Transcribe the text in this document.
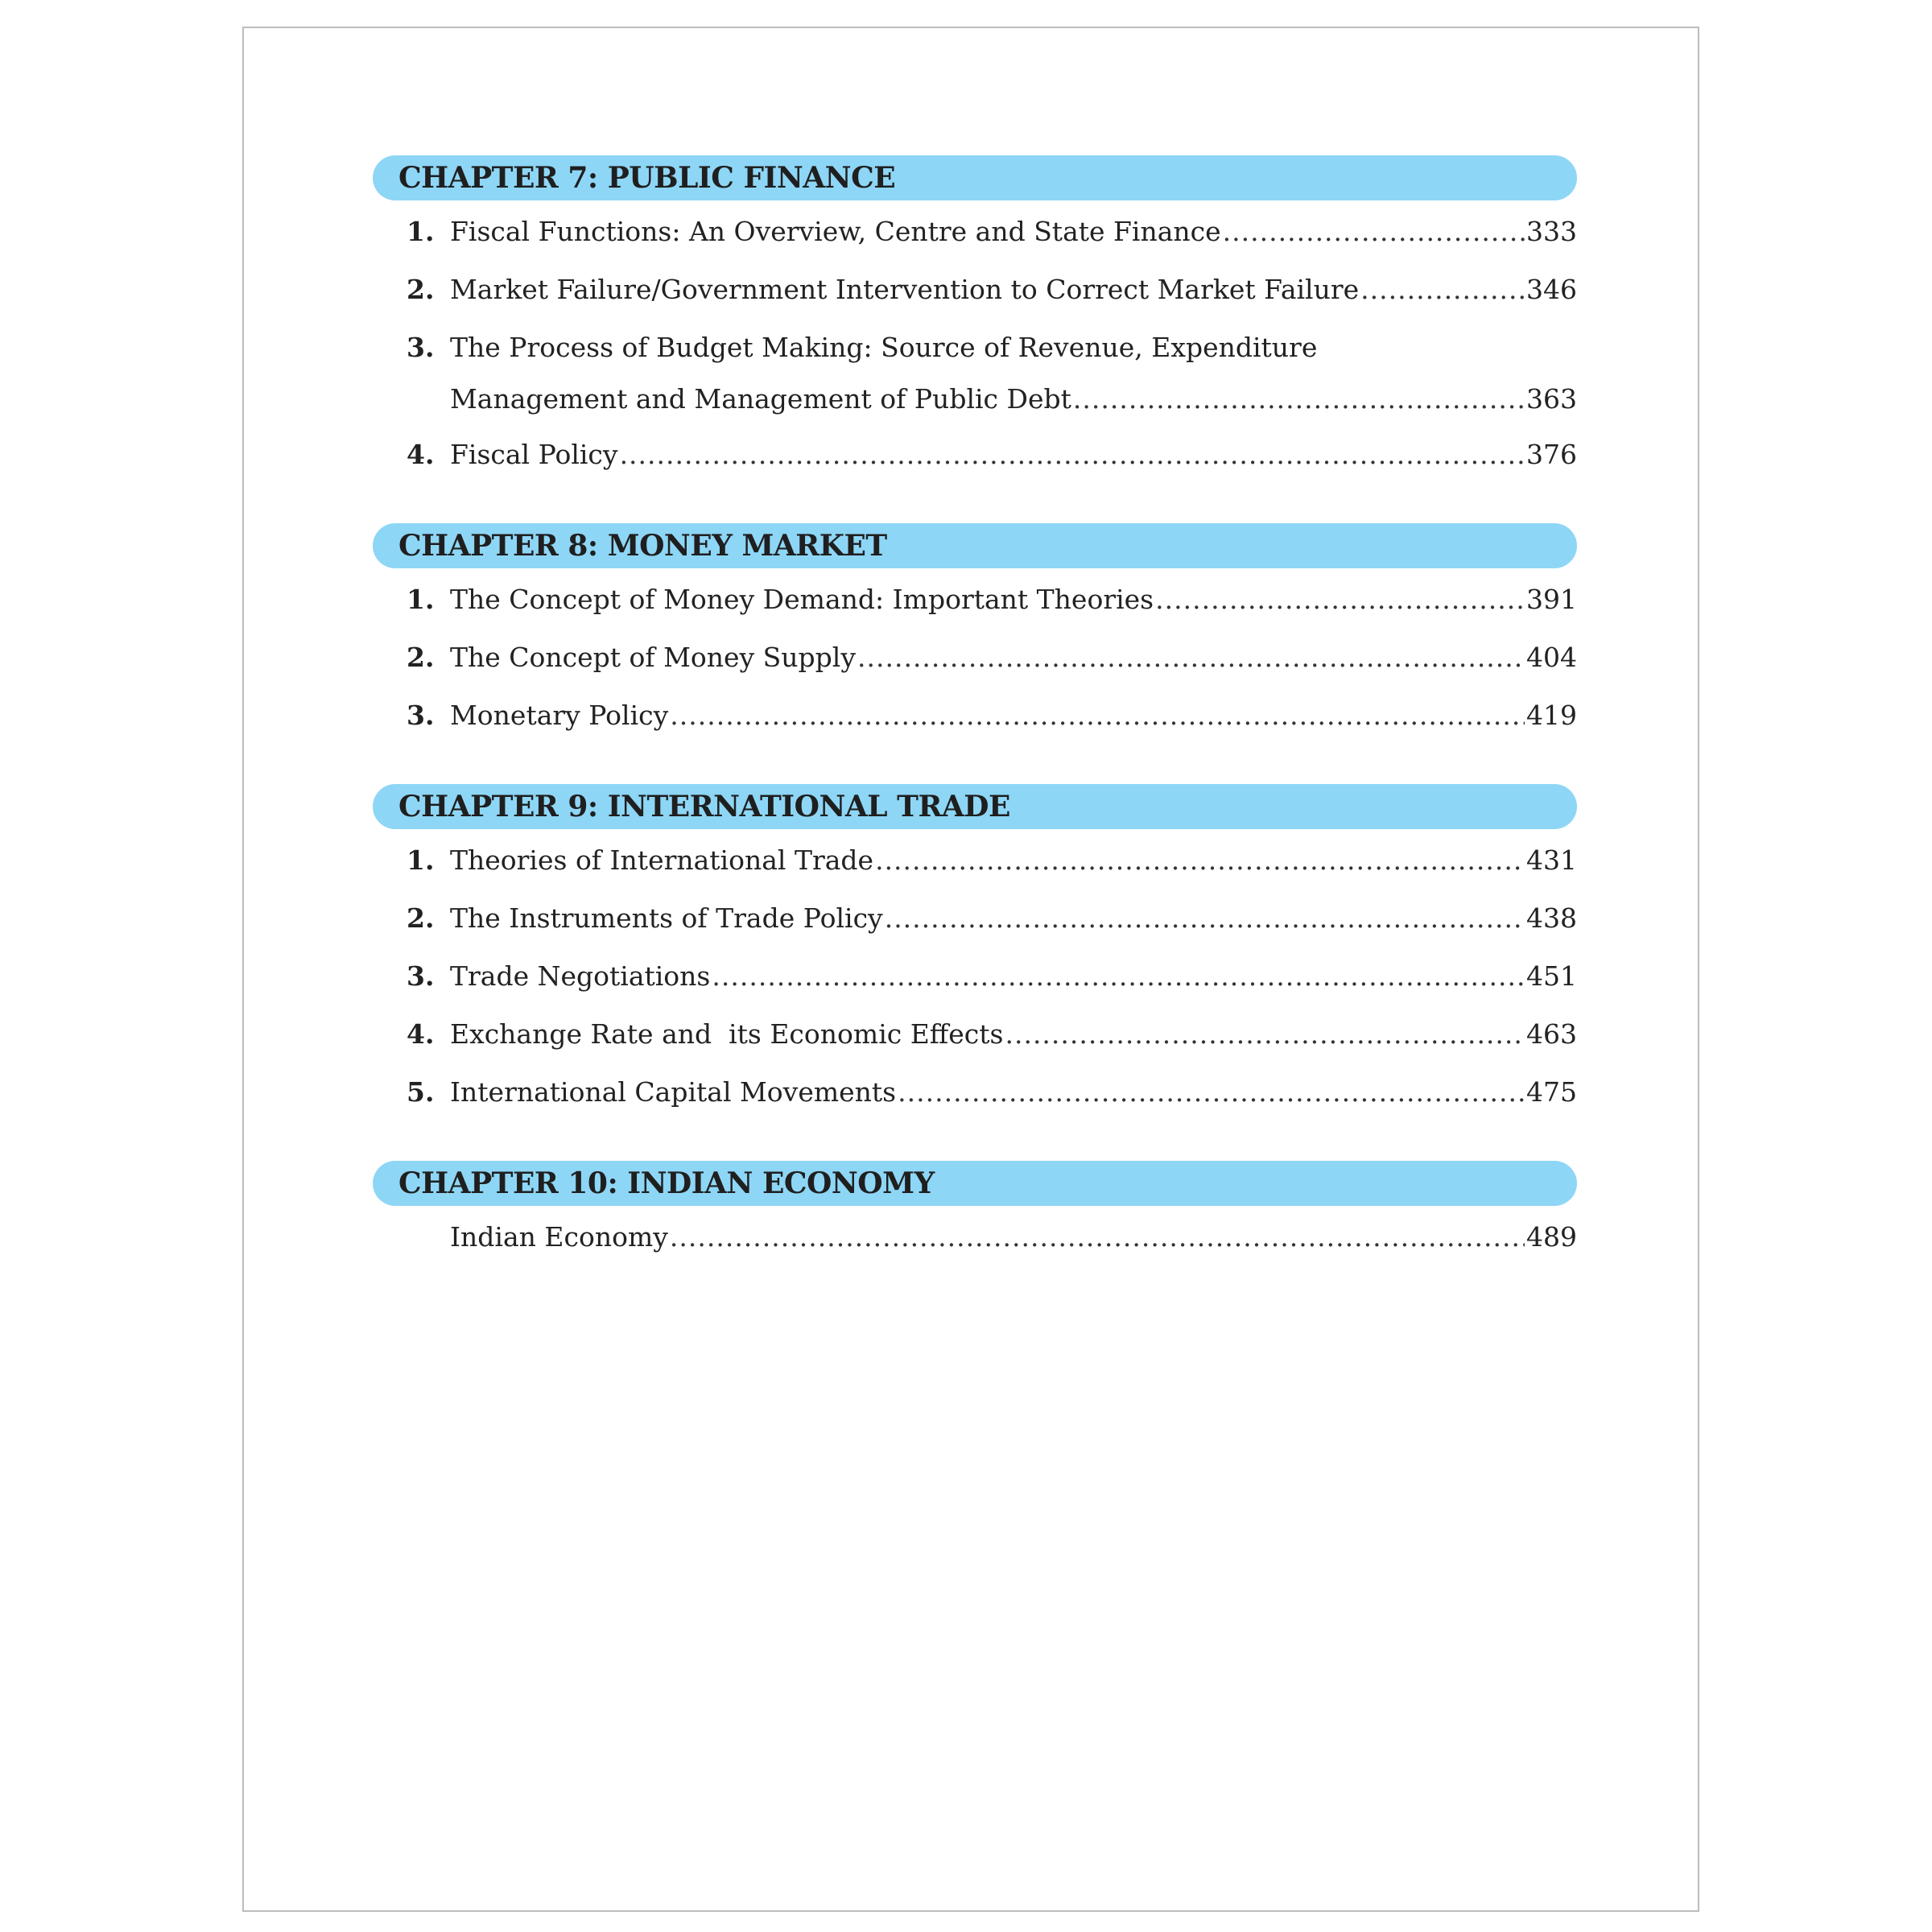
CHAPTER 7: PUBLIC FINANCE
1. Fiscal Functions: An Overview, Centre and State Finance .....	333
2. Market Failure/Government Intervention to Correct Market Failure .....	346
3. The Process of Budget Making: Source of Revenue, Expenditure
Management and Management of Public Debt .....	363
4. Fiscal Policy .....	376
CHAPTER 8: MONEY MARKET
1. The Concept of Money Demand: Important Theories .....	391
2. The Concept of Money Supply .....	404
3. Monetary Policy .....	419
CHAPTER 9: INTERNATIONAL TRADE
1. Theories of International Trade .....	431
2. The Instruments of Trade Policy .....	438
3. Trade Negotiations .....	451
4. Exchange Rate and  its Economic Effects .....	463
5. International Capital Movements .....	475
CHAPTER 10: INDIAN ECONOMY
Indian Economy .....	489
